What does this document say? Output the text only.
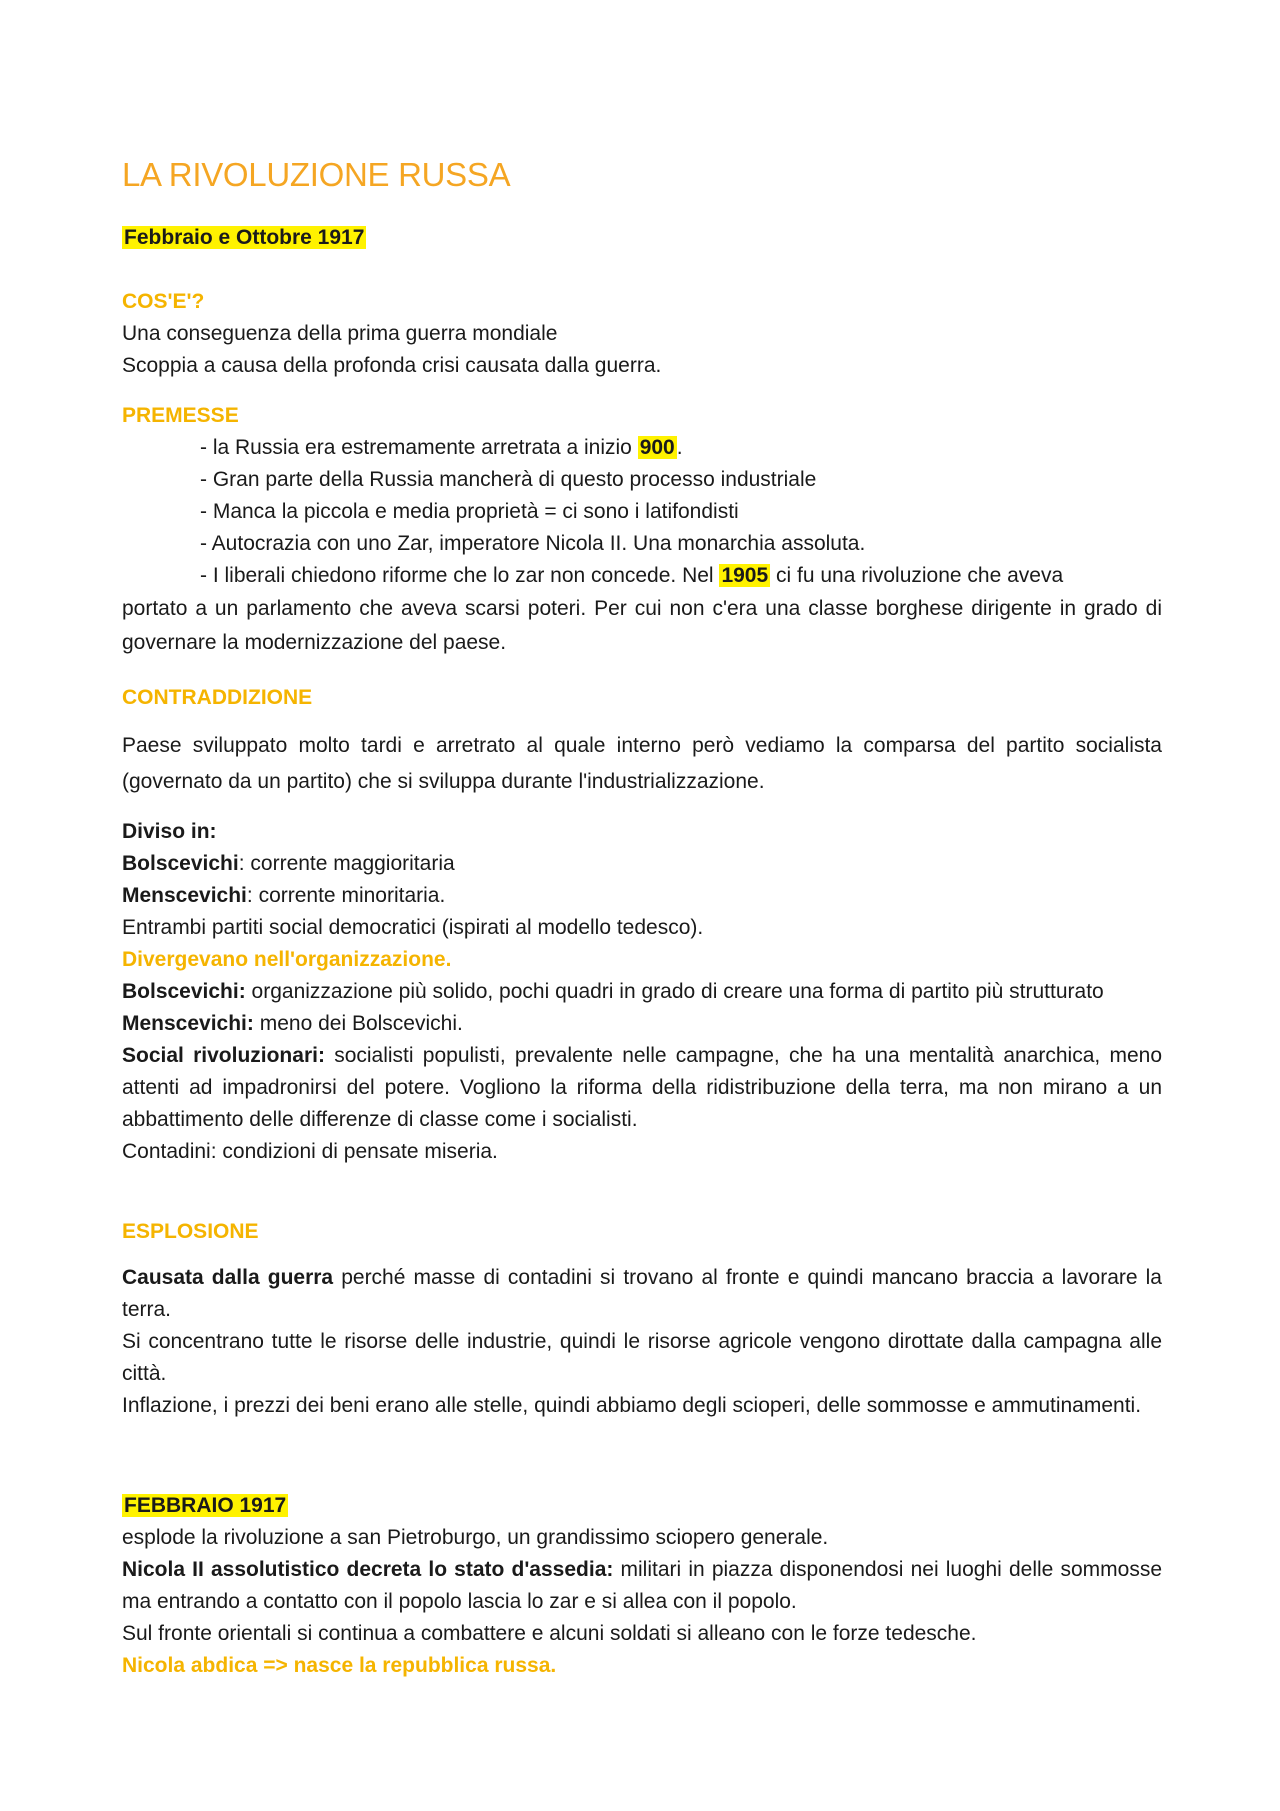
LA RIVOLUZIONE RUSSA
Febbraio e Ottobre 1917
COS'E'?
Una conseguenza della prima guerra mondiale
Scoppia a causa della profonda crisi causata dalla guerra.
PREMESSE
- la Russia era estremamente arretrata a inizio 900.
- Gran parte della Russia mancherà di questo processo industriale
- Manca la piccola e media proprietà = ci sono i latifondisti
- Autocrazia con uno Zar, imperatore Nicola II. Una monarchia assoluta.
- I liberali chiedono riforme che lo zar non concede. Nel 1905 ci fu una rivoluzione che aveva
portato a un parlamento che aveva scarsi poteri. Per cui non c'era una classe borghese dirigente in grado di governare la modernizzazione del paese.
CONTRADDIZIONE
Paese sviluppato molto tardi e arretrato al quale interno però vediamo la comparsa del partito socialista (governato da un partito) che si sviluppa durante l'industrializzazione.
Diviso in:
Bolscevichi: corrente maggioritaria
Menscevichi: corrente minoritaria.
Entrambi partiti social democratici (ispirati al modello tedesco).
Divergevano nell'organizzazione.
Bolscevichi: organizzazione più solido, pochi quadri in grado di creare una forma di partito più strutturato
Menscevichi: meno dei Bolscevichi.
Social rivoluzionari: socialisti populisti, prevalente nelle campagne, che ha una mentalità anarchica, meno attenti ad impadronirsi del potere. Vogliono la riforma della ridistribuzione della terra, ma non mirano a un abbattimento delle differenze di classe come i socialisti.
Contadini: condizioni di pensate miseria.
ESPLOSIONE
Causata dalla guerra perché masse di contadini si trovano al fronte e quindi mancano braccia a lavorare la terra.
Si concentrano tutte le risorse delle industrie, quindi le risorse agricole vengono dirottate dalla campagna alle città.
Inflazione, i prezzi dei beni erano alle stelle, quindi abbiamo degli scioperi, delle sommosse e ammutinamenti.
FEBBRAIO 1917
esplode la rivoluzione a san Pietroburgo, un grandissimo sciopero generale.
Nicola II assolutistico decreta lo stato d'assedia: militari in piazza disponendosi nei luoghi delle sommosse ma entrando a contatto con il popolo lascia lo zar e si allea con il popolo.
Sul fronte orientali si continua a combattere e alcuni soldati si alleano con le forze tedesche.
Nicola abdica => nasce la repubblica russa.
